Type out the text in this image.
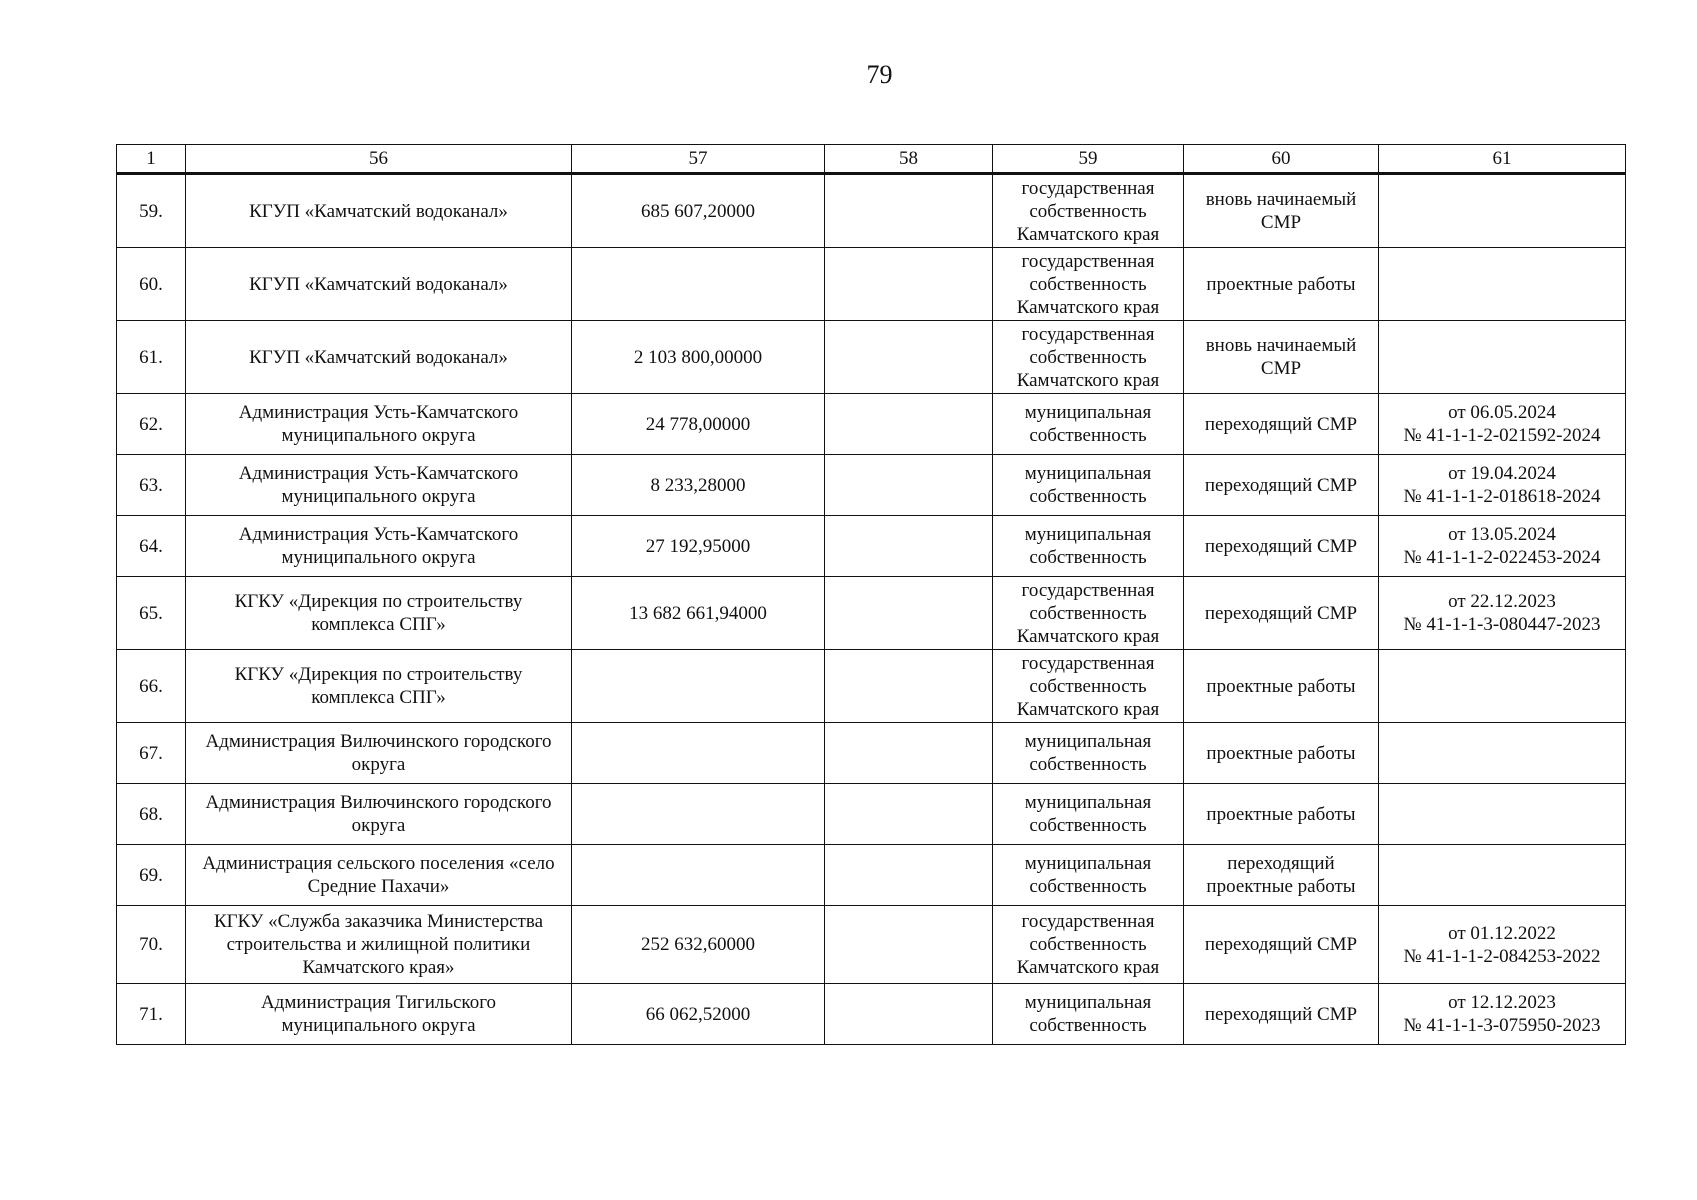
79
1	56	57	58	59	60	61
59.	КГУП «Камчатский водоканал»	685 607,20000		государственная
собственность
Камчатского края	вновь начинаемый
СМР	
60.	КГУП «Камчатский водоканал»			государственная
собственность
Камчатского края	проектные работы	
61.	КГУП «Камчатский водоканал»	2 103 800,00000		государственная
собственность
Камчатского края	вновь начинаемый
СМР	
62.	Администрация Усть-Камчатского
муниципального округа	24 778,00000		муниципальная
собственность	переходящий СМР	от 06.05.2024
№ 41-1-1-2-021592-2024
63.	Администрация Усть-Камчатского
муниципального округа	8 233,28000		муниципальная
собственность	переходящий СМР	от 19.04.2024
№ 41-1-1-2-018618-2024
64.	Администрация Усть-Камчатского
муниципального округа	27 192,95000		муниципальная
собственность	переходящий СМР	от 13.05.2024
№ 41-1-1-2-022453-2024
65.	КГКУ «Дирекция по строительству
комплекса СПГ»	13 682 661,94000		государственная
собственность
Камчатского края	переходящий СМР	от 22.12.2023
№ 41-1-1-3-080447-2023
66.	КГКУ «Дирекция по строительству
комплекса СПГ»			государственная
собственность
Камчатского края	проектные работы	
67.	Администрация Вилючинского городского
округа			муниципальная
собственность	проектные работы	
68.	Администрация Вилючинского городского
округа			муниципальная
собственность	проектные работы	
69.	Администрация сельского поселения «село
Средние Пахачи»			муниципальная
собственность	переходящий
проектные работы	
70.	КГКУ «Служба заказчика Министерства
строительства и жилищной политики
Камчатского края»	252 632,60000		государственная
собственность
Камчатского края	переходящий СМР	от 01.12.2022
№ 41-1-1-2-084253-2022
71.	Администрация Тигильского
муниципального округа	66 062,52000		муниципальная
собственность	переходящий СМР	от 12.12.2023
№ 41-1-1-3-075950-2023
